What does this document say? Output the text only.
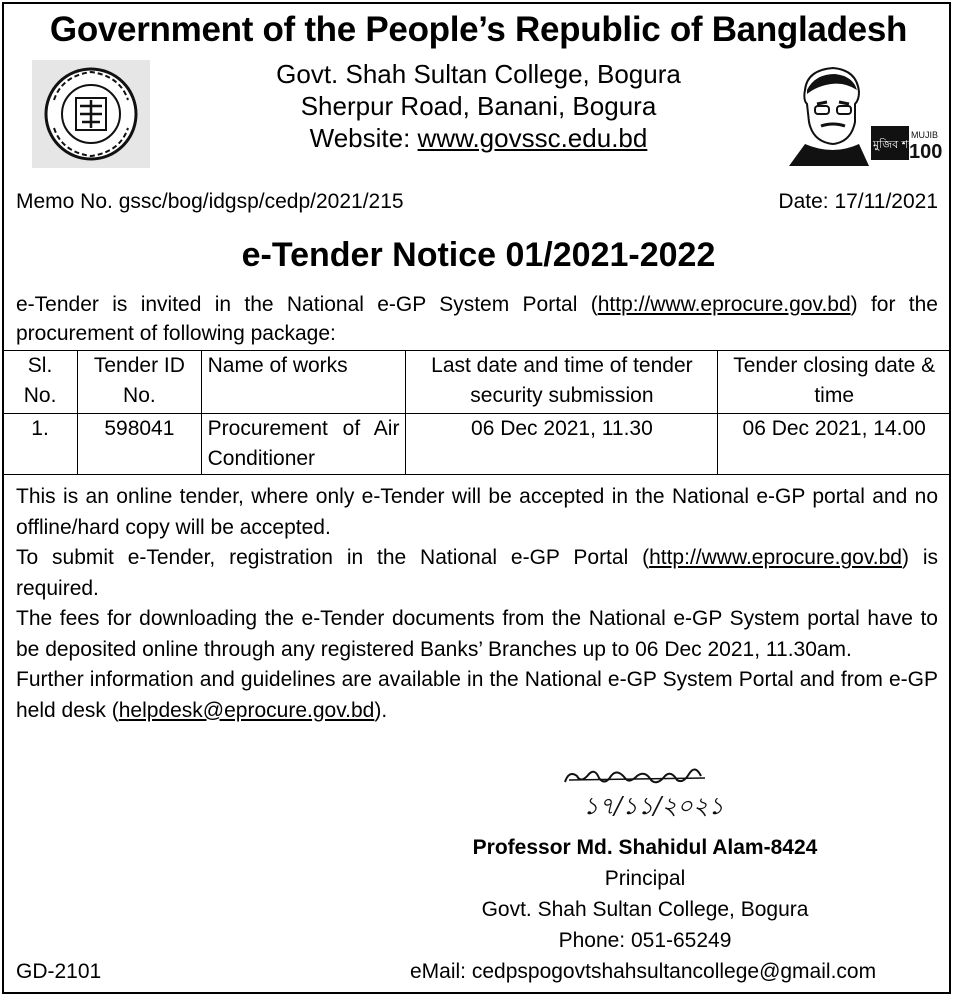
Government of the People’s Republic of Bangladesh
Govt. Shah Sultan College, Bogura
Sherpur Road, Banani, Bogura
Website: www.govssc.edu.bd	মুজিব শতবর্ষ
MUJIB
100
Memo No. gssc/bog/idgsp/cedp/2021/215	Date: 17/11/2021
e-Tender Notice 01/2021-2022
e-Tender is invited in the National e-GP System Portal (http://www.eprocure.gov.bd) for the procurement of following package:
Sl. No.	Tender ID No.	Name of works	Last date and time of tender security submission	Tender closing date & time
1.	598041	Procurement of Air Conditioner	06 Dec 2021, 11.30	06 Dec 2021, 14.00

This is an online tender, where only e-Tender will be accepted in the National e-GP portal and no offline/hard copy will be accepted.

To submit e-Tender, registration in the National e-GP Portal (http://www.eprocure.gov.bd) is required.

The fees for downloading the e-Tender documents from the National e-GP System portal have to be deposited online through any registered Banks’ Branches up to 06 Dec 2021, 11.30am.

Further information and guidelines are available in the National e-GP System Portal and from e-GP held desk (helpdesk@eprocure.gov.bd).

১৭/১১/২০২১
Professor Md. Shahidul Alam-8424
Principal
Govt. Shah Sultan College, Bogura
Phone: 051-65249
GD-2101	eMail: cedpspogovtshahsultancollege@gmail.com
